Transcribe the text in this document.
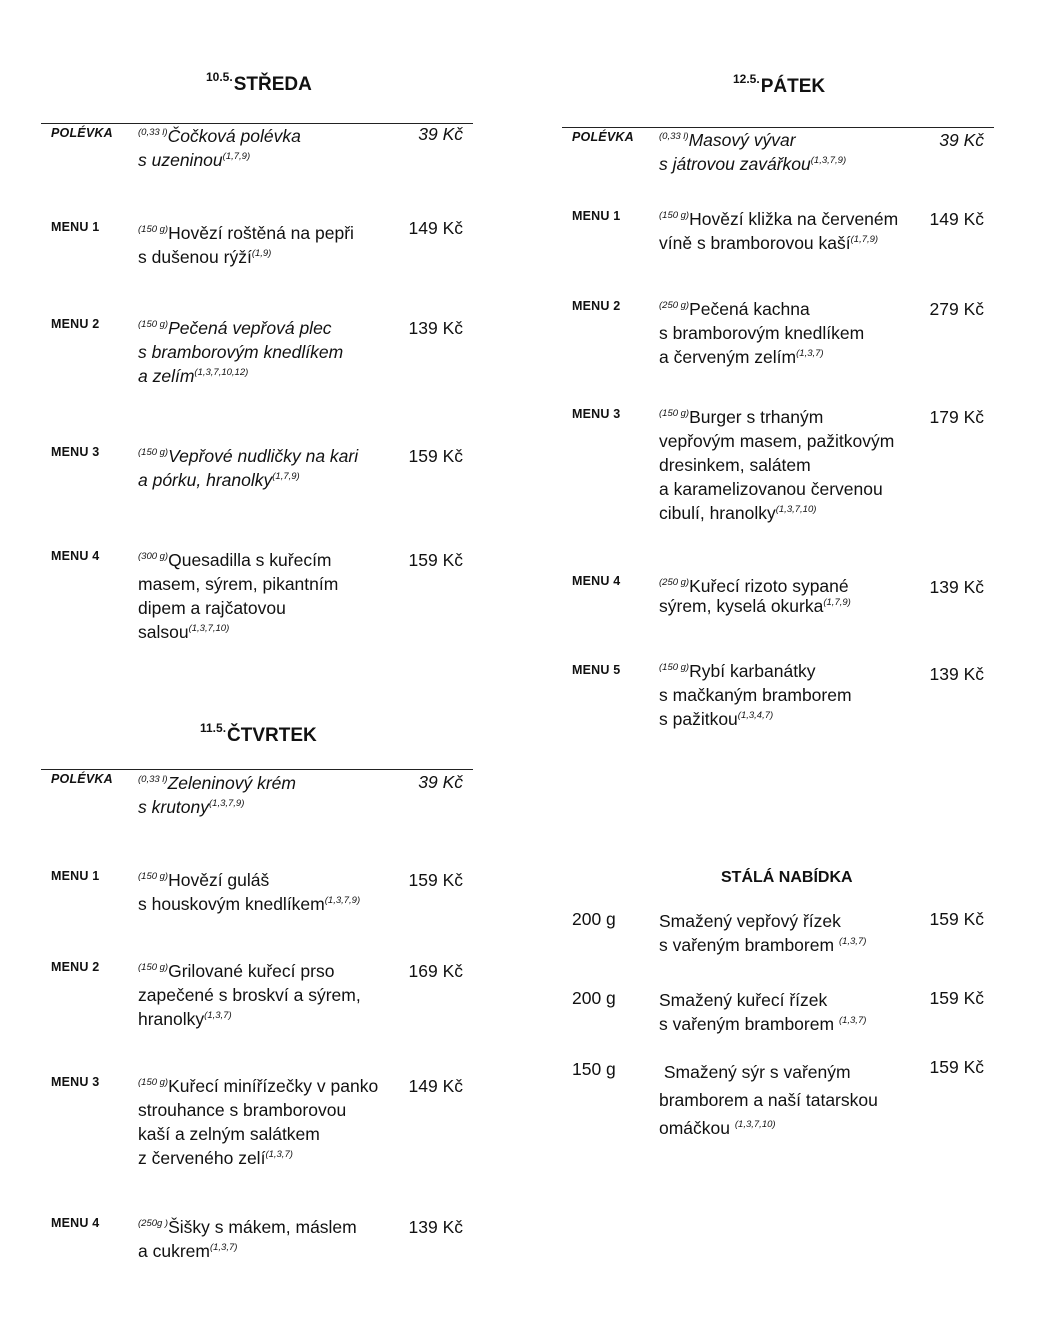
$^{10.5.}$STŘEDA
POLÉVKA	$^{(0,33 l)}$Čočková polévka
s uzeninou$^{(1,7,9)}$
39 Kč
MENU 1	$^{(150 g)}$Hovězí roštěná na pepři
s dušenou rýží$^{(1,9)}$
149 Kč
MENU 2	$^{(150 g)}$Pečená vepřová plec
s bramborovým knedlíkem
a zelím$^{(1,3,7,10,12)}$
139 Kč
MENU 3	$^{(150 g)}$Vepřové nudličky na kari
a pórku, hranolky$^{(1,7,9)}$
159 Kč
MENU 4	$^{(300 g)}$Quesadilla s kuřecím
masem, sýrem, pikantním
dipem a rajčatovou
salsou$^{(1,3,7,10)}$
159 Kč
$^{11.5.}$ČTVRTEK
POLÉVKA	$^{(0,33 l)}$Zeleninový krém
s krutony$^{(1,3,7,9)}$
39 Kč
MENU 1	$^{(150 g)}$Hovězí guláš
s houskovým knedlíkem$^{(1,3,7,9)}$
159 Kč
MENU 2	$^{(150 g)}$Grilované kuřecí prso
zapečené s broskví a sýrem,
hranolky$^{(1,3,7)}$
169 Kč
MENU 3	$^{(150 g)}$Kuřecí minířízečky v panko
strouhance s bramborovou
kaší a zelným salátkem
z červeného zelí$^{(1,3,7)}$
149 Kč
MENU 4	$^{(250g )}$Šišky s mákem, máslem
a cukrem$^{(1,3,7)}$
139 Kč
$^{12.5.}$PÁTEK
POLÉVKA	$^{(0,33 l)}$Masový vývar
s játrovou zavářkou$^{(1,3,7,9)}$
39 Kč
MENU 1	$^{(150 g)}$Hovězí kližka na červeném
víně s bramborovou kaší$^{(1,7,9)}$
149 Kč
MENU 2	$^{(250 g)}$Pečená kachna
s bramborovým knedlíkem
a červeným zelím$^{(1,3,7)}$
279 Kč
MENU 3	$^{(150 g)}$Burger s trhaným
vepřovým masem, pažitkovým
dresinkem, salátem
a karamelizovanou červenou
cibulí, hranolky$^{(1,3,7,10)}$
179 Kč
MENU 4	$^{(250 g)}$Kuřecí rizoto sypané
sýrem, kyselá okurka$^{(1,7,9)}$
139 Kč
MENU 5	$^{(150 g)}$Rybí karbanátky
s mačkaným bramborem
s pažitkou$^{(1,3,4,7)}$
139 Kč
STÁLÁ NABÍDKA
200 g Smažený vepřový řízek
s vařeným bramborem $^{(1,3,7)}$
159 Kč
200 g Smažený kuřecí řízek
s vařeným bramborem $^{(1,3,7)}$
159 Kč
150 g Smažený sýr s vařeným
bramborem a naší tatarskou
omáčkou $^{(1,3,7,10)}$
159 Kč
